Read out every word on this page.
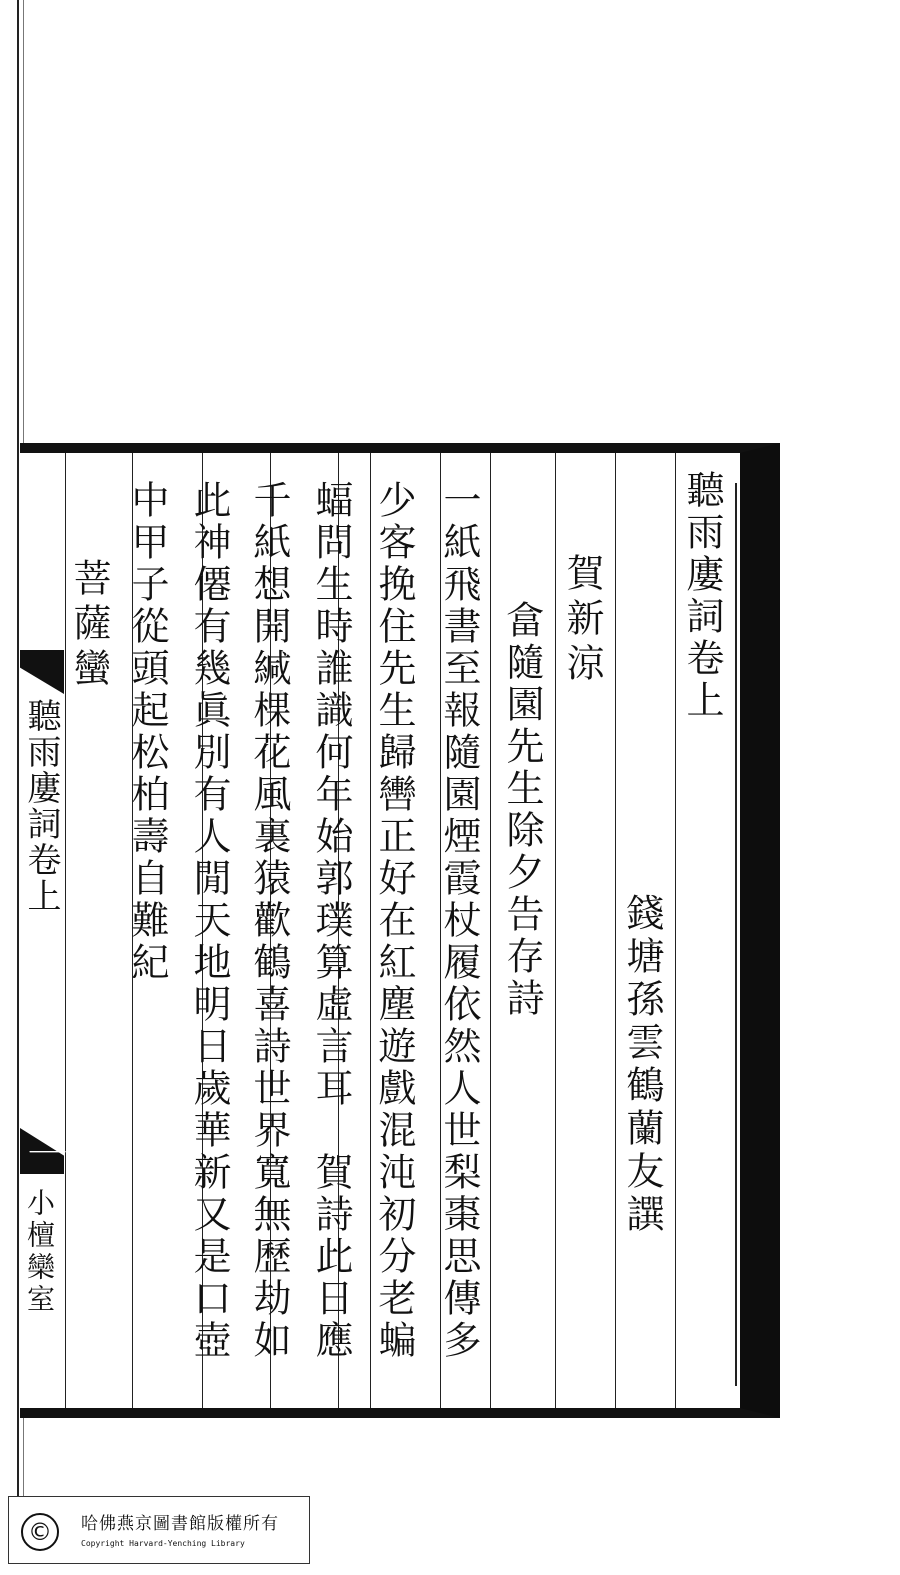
聽雨廔詞卷上
錢塘孫雲鶴蘭友譔
賀新涼
畣隨園先生除夕告存詩
一紙飛書至報隨園煙霞杖履依然人世梨棗思傳多
少客挽住先生歸轡正好在紅塵遊戲混沌初分老蝙
蝠問生時誰識何年始郭璞算虛言耳　賀詩此日應
千紙想開緘棵花風裏猿歡鶴喜詩世界寬無歷劫如
此神僊有幾眞別有人閒天地明日歲華新又是口壺
中甲子從頭起松柏壽自難紀
菩薩蠻
聽雨廔詞卷上
一
小檀欒室
©	哈佛燕京圖書館版權所有
Copyright Harvard-Yenching Library
